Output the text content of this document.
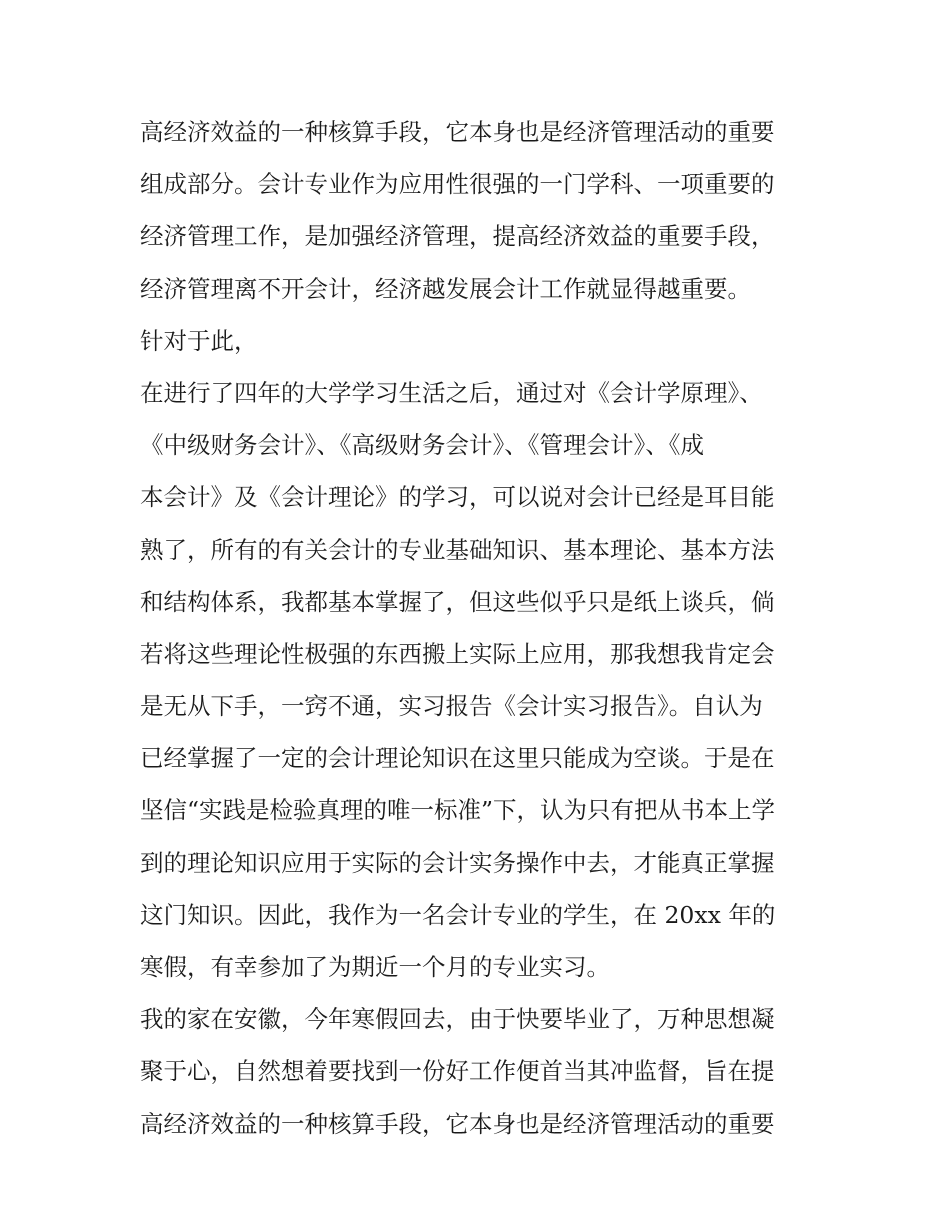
高经济效益的一种核算手段，它本身也是经济管理活动的重要

组成部分。会计专业作为应用性很强的一门学科、一项重要的

经济管理工作，是加强经济管理，提高经济效益的重要手段，

经济管理离不开会计，经济越发展会计工作就显得越重要。

针对于此，

在进行了四年的大学学习生活之后，通过对《会计学原理》、

《中级财务会计》、《高级财务会计》、《管理会计》、《成

本会计》及《会计理论》的学习，可以说对会计已经是耳目能

熟了，所有的有关会计的专业基础知识、基本理论、基本方法

和结构体系，我都基本掌握了，但这些似乎只是纸上谈兵，倘

若将这些理论性极强的东西搬上实际上应用，那我想我肯定会

是无从下手，一窍不通，实习报告《会计实习报告》。自认为

已经掌握了一定的会计理论知识在这里只能成为空谈。于是在

坚信“实践是检验真理的唯一标准”下，认为只有把从书本上学

到的理论知识应用于实际的会计实务操作中去，才能真正掌握

这门知识。因此，我作为一名会计专业的学生，在 20xx 年的

寒假，有幸参加了为期近一个月的专业实习。

我的家在安徽，今年寒假回去，由于快要毕业了，万种思想凝

聚于心，自然想着要找到一份好工作便首当其冲监督，旨在提

高经济效益的一种核算手段，它本身也是经济管理活动的重要
